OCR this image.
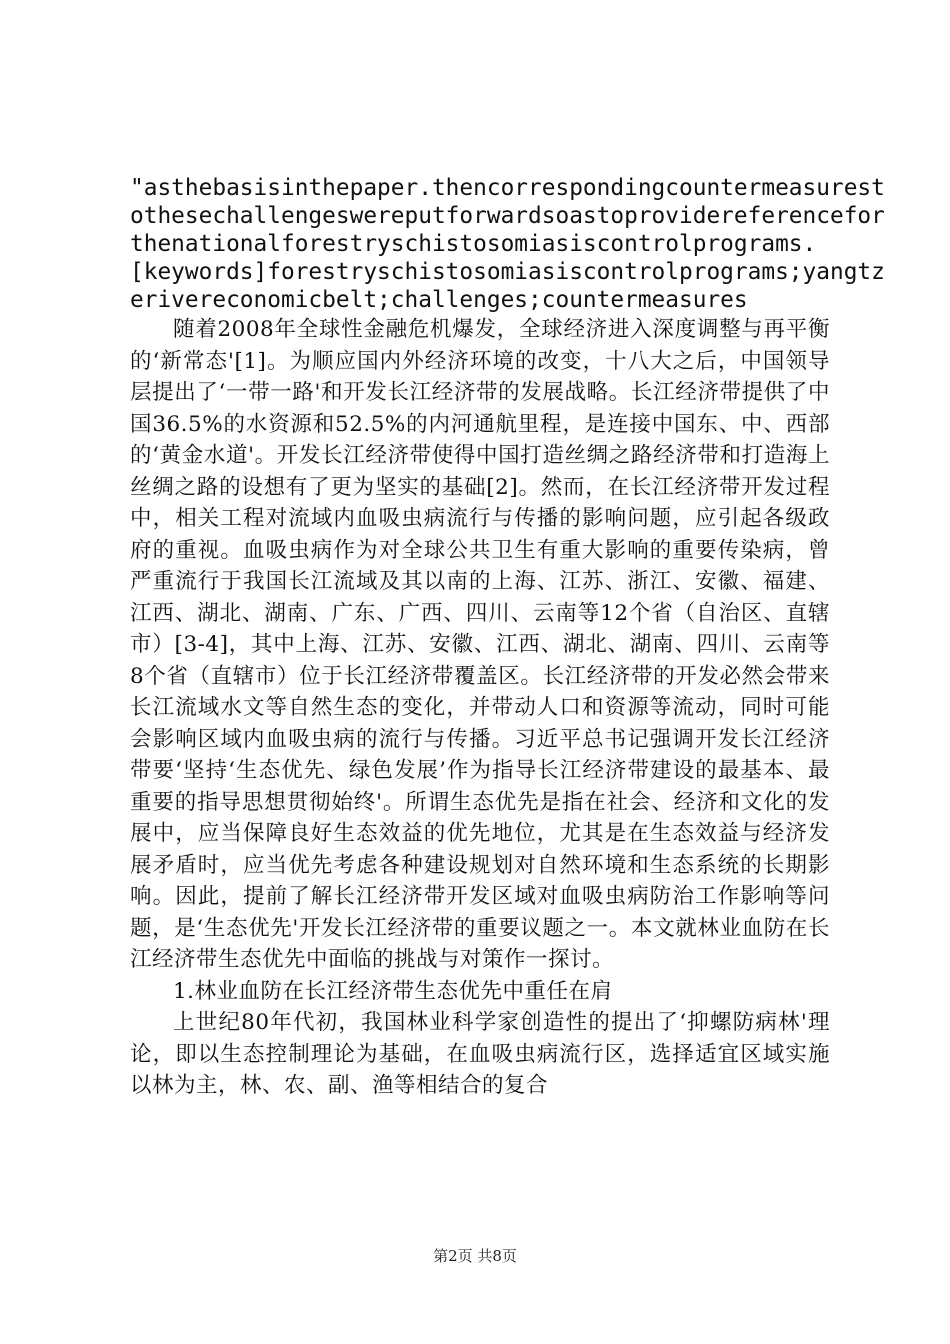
"asthebasisinthepaper.thencorrespondingcountermeasurest
othesechallengeswereputforwardsoastoprovidereferencefor
thenationalforestryschistosomiasiscontrolprograms.
[keywords]forestryschistosomiasiscontrolprograms;yangtz
erivereconomicbelt;challenges;countermeasures

随着2008年全球性金融危机爆发，全球经济进入深度调整与再平衡的‘新常态'[1]。为顺应国内外经济环境的改变，十八大之后，中国领导层提出了‘一带一路'和开发长江经济带的发展战略。长江经济带提供了中国36.5%的水资源和52.5%的内河通航里程，是连接中国东、中、西部的‘黄金水道'。开发长江经济带使得中国打造丝绸之路经济带和打造海上丝绸之路的设想有了更为坚实的基础[2]。然而，在长江经济带开发过程中，相关工程对流域内血吸虫病流行与传播的影响问题，应引起各级政府的重视。血吸虫病作为对全球公共卫生有重大影响的重要传染病，曾严重流行于我国长江流域及其以南的上海、江苏、浙江、安徽、福建、江西、湖北、湖南、广东、广西、四川、云南等12个省（自治区、直辖市）[3-4]，其中上海、江苏、安徽、江西、湖北、湖南、四川、云南等8个省（直辖市）位于长江经济带覆盖区。长江经济带的开发必然会带来长江流域水文等自然生态的变化，并带动人口和资源等流动，同时可能会影响区域内血吸虫病的流行与传播。习近平总书记强调开发长江经济带要‘坚持‘生态优先、绿色发展’作为指导长江经济带建设的最基本、最重要的指导思想贯彻始终'。所谓生态优先是指在社会、经济和文化的发展中，应当保障良好生态效益的优先地位，尤其是在生态效益与经济发展矛盾时，应当优先考虑各种建设规划对自然环境和生态系统的长期影响。因此，提前了解长江经济带开发区域对血吸虫病防治工作影响等问题，是‘生态优先'开发长江经济带的重要议题之一。本文就林业血防在长江经济带生态优先中面临的挑战与对策作一探讨。

1.林业血防在长江经济带生态优先中重任在肩

上世纪80年代初，我国林业科学家创造性的提出了‘抑螺防病林'理论，即以生态控制理论为基础，在血吸虫病流行区，选择适宜区域实施以林为主，林、农、副、渔等相结合的复合

第2页 共8页
